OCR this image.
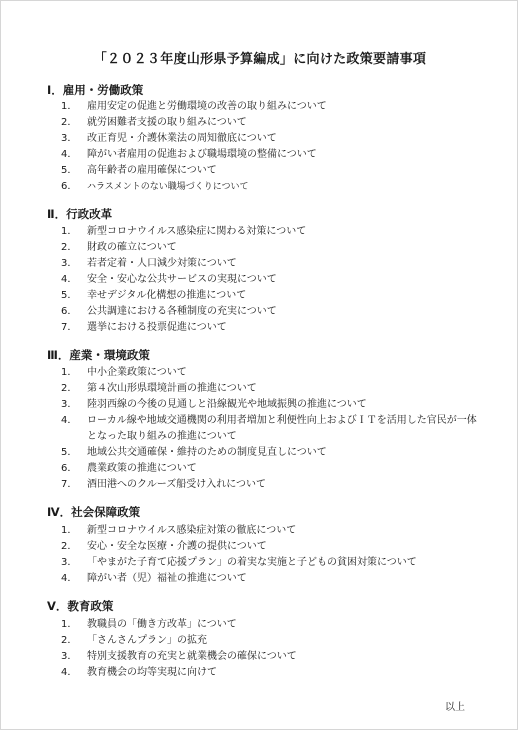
「２０２３年度山形県予算編成」に向けた政策要請事項
Ⅰ．雇用・労働政策
1． 雇用安定の促進と労働環境の改善の取り組みについて
2． 就労困難者支援の取り組みについて
3． 改正育児・介護休業法の周知徹底について
4． 障がい者雇用の促進および職場環境の整備について
5． 高年齢者の雇用確保について
6． ハラスメントのない職場づくりについて
Ⅱ．行政改革
1． 新型コロナウイルス感染症に関わる対策について
2． 財政の確立について
3． 若者定着・人口減少対策について
4． 安全・安心な公共サービスの実現について
5． 幸せデジタル化構想の推進について
6． 公共調達における各種制度の充実について
7． 選挙における投票促進について
Ⅲ．産業・環境政策
1． 中小企業政策について
2． 第４次山形県環境計画の推進について
3． 陸羽西線の今後の見通しと沿線観光や地域振興の推進について
4． ローカル線や地域交通機関の利用者増加と利便性向上およびＩＴを活用した官民が一体となった取り組みの推進について
5． 地域公共交通確保・維持のための制度見直しについて
6． 農業政策の推進について
7． 酒田港へのクルーズ船受け入れについて
Ⅳ．社会保障政策
1． 新型コロナウイルス感染症対策の徹底について
2． 安心・安全な医療・介護の提供について
3． 「やまがた子育て応援プラン」の着実な実施と子どもの貧困対策について
4． 障がい者（児）福祉の推進について
Ⅴ．教育政策
1． 教職員の「働き方改革」について
2． 「さんさんプラン」の拡充
3． 特別支援教育の充実と就業機会の確保について
4． 教育機会の均等実現に向けて
以上
